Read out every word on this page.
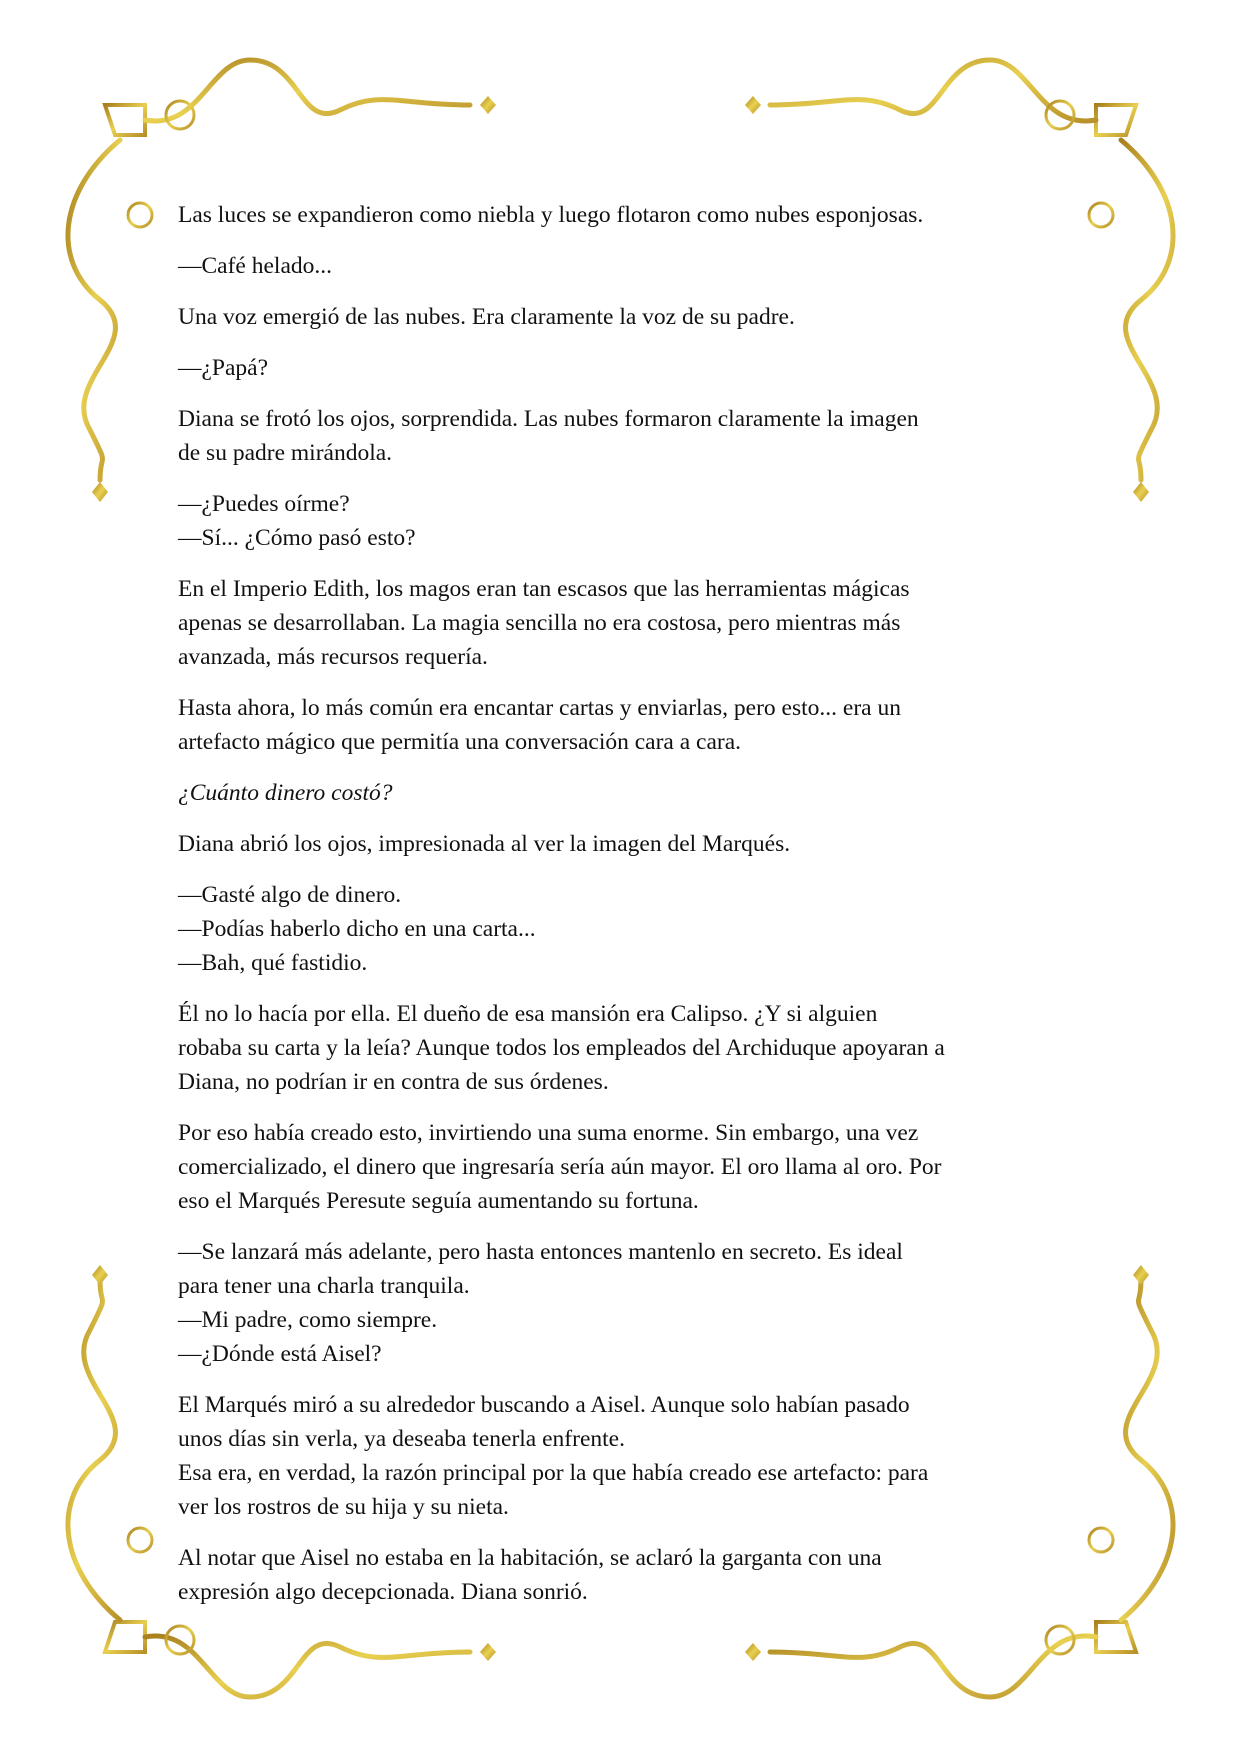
Las luces se expandieron como niebla y luego flotaron como nubes esponjosas.

—Café helado...

Una voz emergió de las nubes. Era claramente la voz de su padre.

—¿Papá?

Diana se frotó los ojos, sorprendida. Las nubes formaron claramente la imagen
de su padre mirándola.

—¿Puedes oírme?
—Sí... ¿Cómo pasó esto?

En el Imperio Edith, los magos eran tan escasos que las herramientas mágicas
apenas se desarrollaban. La magia sencilla no era costosa, pero mientras más
avanzada, más recursos requería.

Hasta ahora, lo más común era encantar cartas y enviarlas, pero esto... era un
artefacto mágico que permitía una conversación cara a cara.

¿Cuánto dinero costó?

Diana abrió los ojos, impresionada al ver la imagen del Marqués.

—Gasté algo de dinero.
—Podías haberlo dicho en una carta...
—Bah, qué fastidio.

Él no lo hacía por ella. El dueño de esa mansión era Calipso. ¿Y si alguien
robaba su carta y la leía? Aunque todos los empleados del Archiduque apoyaran a
Diana, no podrían ir en contra de sus órdenes.

Por eso había creado esto, invirtiendo una suma enorme. Sin embargo, una vez
comercializado, el dinero que ingresaría sería aún mayor. El oro llama al oro. Por
eso el Marqués Peresute seguía aumentando su fortuna.

—Se lanzará más adelante, pero hasta entonces mantenlo en secreto. Es ideal
para tener una charla tranquila.
—Mi padre, como siempre.
—¿Dónde está Aisel?

El Marqués miró a su alrededor buscando a Aisel. Aunque solo habían pasado
unos días sin verla, ya deseaba tenerla enfrente.
Esa era, en verdad, la razón principal por la que había creado ese artefacto: para
ver los rostros de su hija y su nieta.

Al notar que Aisel no estaba en la habitación, se aclaró la garganta con una
expresión algo decepcionada. Diana sonrió.
